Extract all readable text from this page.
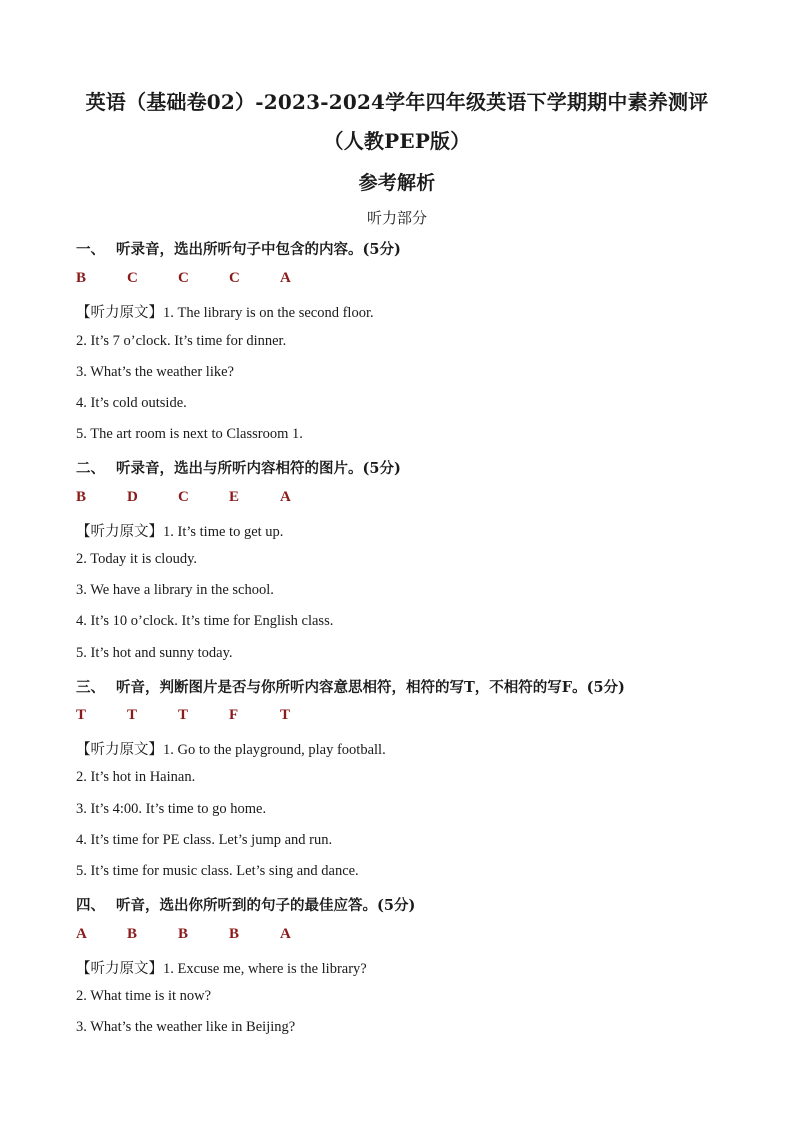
英语（基础卷02）-2023-2024学年四年级英语下学期期中素养测评
（人教PEP版）
参考解析
听力部分
一、 听录音，选出所听句子中包含的内容。(5分)
B	C	C	C	A
【听力原文】1. The library is on the second floor.
2. It’s 7 o’clock. It’s time for dinner.
3. What’s the weather like?
4. It’s cold outside.
5. The art room is next to Classroom 1.
二、 听录音，选出与所听内容相符的图片。(5分)
B	D	C	E	A
【听力原文】1. It’s time to get up.
2. Today it is cloudy.
3. We have a library in the school.
4. It’s 10 o’clock. It’s time for English class.
5. It’s hot and sunny today.
三、 听音，判断图片是否与你所听内容意思相符，相符的写T，不相符的写F。(5分)
T	T	T	F	T
【听力原文】1. Go to the playground, play football.
2. It’s hot in Hainan.
3. It’s 4:00. It’s time to go home.
4. It’s time for PE class. Let’s jump and run.
5. It’s time for music class. Let’s sing and dance.
四、 听音，选出你所听到的句子的最佳应答。(5分)
A	B	B	B	A
【听力原文】1. Excuse me, where is the library?
2. What time is it now?
3. What’s the weather like in Beijing?
